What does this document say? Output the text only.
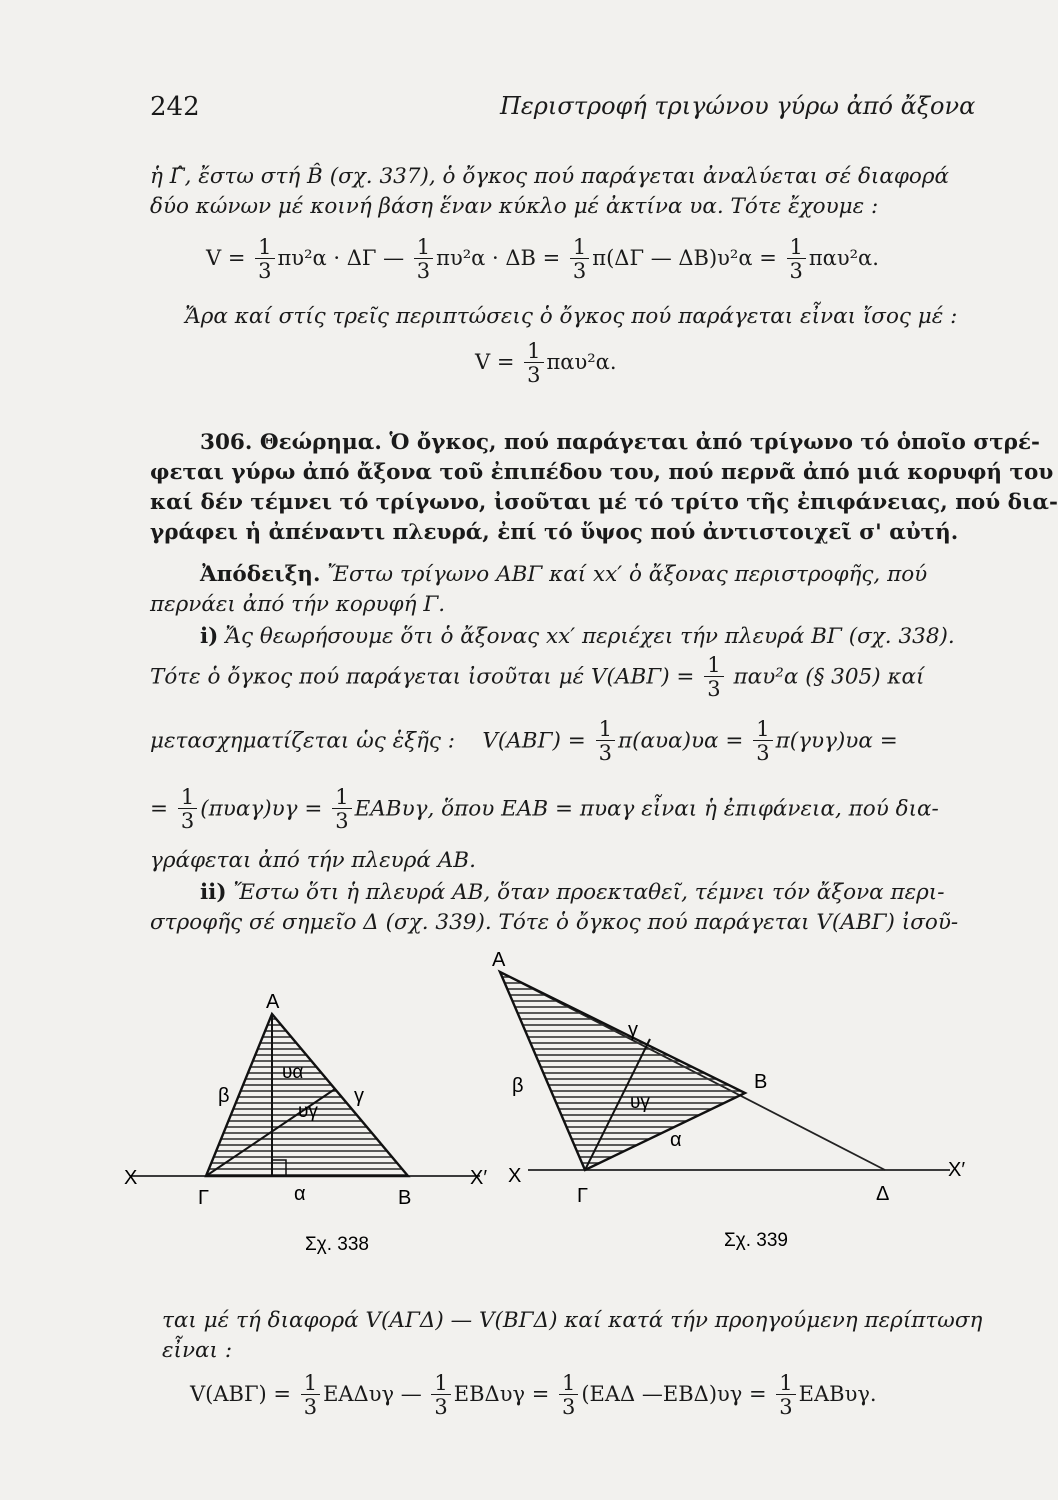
242	Περιστροφή τριγώνου γύρω ἀπό ἄξονα
ἡ Γ̂, ἔστω στή B̂ (σχ. 337), ὁ ὄγκος πού παράγεται ἀναλύεται σέ διαφορά
δύο κώνων μέ κοινή βάση ἕναν κύκλο μέ ἀκτίνα υα. Τότε ἔχουμε :
$V = \frac{1}{3} \pi\upsilon^2\alpha \cdot \Delta\Gamma$ — $\frac{1}{3} \pi\upsilon^2\alpha \cdot \Delta B = \frac{1}{3} \pi(\Delta\Gamma$ — $\Delta B)\upsilon^2\alpha = \frac{1}{3} \pi\alpha\upsilon^2\alpha$.
Ἄρα καί στίς τρεῖς περιπτώσεις ὁ ὄγκος πού παράγεται εἶναι ἴσος μέ :
$V = \frac{1}{3} \pi\alpha\upsilon^2\alpha$.
306. Θεώρημα. Ὁ ὄγκος, πού παράγεται ἀπό τρίγωνο τό ὁποῖο στρέ-
φεται γύρω ἀπό ἄξονα τοῦ ἐπιπέδου του, πού περνᾶ ἀπό μιά κορυφή του
καί δέν τέμνει τό τρίγωνο, ἰσοῦται μέ τό τρίτο τῆς ἐπιφάνειας, πού δια-
γράφει ἡ ἀπέναντι πλευρά, ἐπί τό ὕψος πού ἀντιστοιχεῖ σ' αὐτή.
Ἀπόδειξη. Ἔστω τρίγωνο ΑΒΓ καί xx′ ὁ ἄξονας περιστροφῆς, πού
περνάει ἀπό τήν κορυφή Γ.
i) Ἄς θεωρήσουμε ὅτι ὁ ἄξονας xx′ περιέχει τήν πλευρά ΒΓ (σχ. 338).
Τότε ὁ ὄγκος πού παράγεται ἰσοῦται μέ $V(AB\Gamma) = \frac{1}{3} \pi\alpha\upsilon^2\alpha$ (§ 305) καί
μετασχηματίζεται ὡς ἑξῆς : $V(AB\Gamma) = \frac{1}{3} \pi(\alpha\upsilon\alpha)\upsilon\alpha = \frac{1}{3} \pi(\gamma\upsilon\gamma)\upsilon\alpha$ =
= $\frac{1}{3} (\pi\upsilon\alpha\gamma)\upsilon\gamma = \frac{1}{3} EAB\upsilon\gamma$, ὅπου ΕΑΒ = πυαγ εἶναι ἡ ἐπιφάνεια, πού δια-
γράφεται ἀπό τήν πλευρά ΑΒ.
ii) Ἔστω ὅτι ἡ πλευρά ΑΒ, ὅταν προεκταθεῖ, τέμνει τόν ἄξονα περι-
στροφῆς σέ σημεῖο Δ (σχ. 339). Τότε ὁ ὄγκος πού παράγεται V(ΑΒΓ) ἰσοῦ-
Α
β	γ
υα
υγ
X	X′
Γ	α	Β
Σχ. 338
Α
γ
β	Β
υγ
α
X
Γ	Δ
X′
Σχ. 339
ται μέ τή διαφορά V(ΑΓΔ) — V(ΒΓΔ) καί κατά τήν προηγούμενη περίπτωση
εἶναι :
$V(AB\Gamma) = \frac{1}{3}$ ΕΑΔυγ — $\frac{1}{3}$ $EB\Delta\upsilon\gamma = \frac{1}{3} (EA\Delta$ —ΕΒΔ)υγ = $\frac{1}{3} EAB\upsilon\gamma$.
